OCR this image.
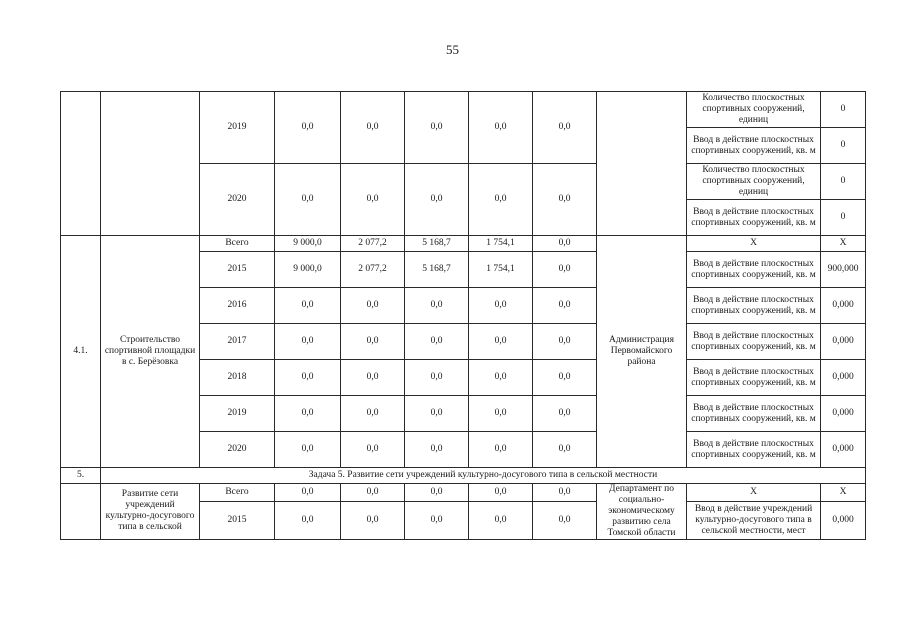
55
		2019	0,0	0,0	0,0	0,0	0,0		Количество плоскостных спортивных сооружений, единиц	0
									Ввод в действие плоскостных спортивных сооружений, кв. м	0
		2020	0,0	0,0	0,0	0,0	0,0		Количество плоскостных спортивных сооружений, единиц	0
									Ввод в действие плоскостных спортивных сооружений, кв. м	0
4.1.	Строительство спортивной площадки в с. Берёзовка	Всего	9 000,0	2 077,2	5 168,7	1 754,1	0,0	Администрация Первомайского района	Х	Х
		2015	9 000,0	2 077,2	5 168,7	1 754,1	0,0		Ввод в действие плоскостных спортивных сооружений, кв. м	900,000
		2016	0,0	0,0	0,0	0,0	0,0		Ввод в действие плоскостных спортивных сооружений, кв. м	0,000
		2017	0,0	0,0	0,0	0,0	0,0		Ввод в действие плоскостных спортивных сооружений, кв. м	0,000
		2018	0,0	0,0	0,0	0,0	0,0		Ввод в действие плоскостных спортивных сооружений, кв. м	0,000
		2019	0,0	0,0	0,0	0,0	0,0		Ввод в действие плоскостных спортивных сооружений, кв. м	0,000
		2020	0,0	0,0	0,0	0,0	0,0		Ввод в действие плоскостных спортивных сооружений, кв. м	0,000
5.	Задача 5. Развитие сети учреждений культурно-досугового типа в сельской местности									
	Развитие сети учреждений культурно-досугового типа в сельской	Всего	0,0	0,0	0,0	0,0	0,0	Департамент по социально-экономическому развитию села Томской области	Х	Х
		2015	0,0	0,0	0,0	0,0	0,0		Ввод в действие учреждений культурно-досугового типа в сельской местности, мест	0,000
